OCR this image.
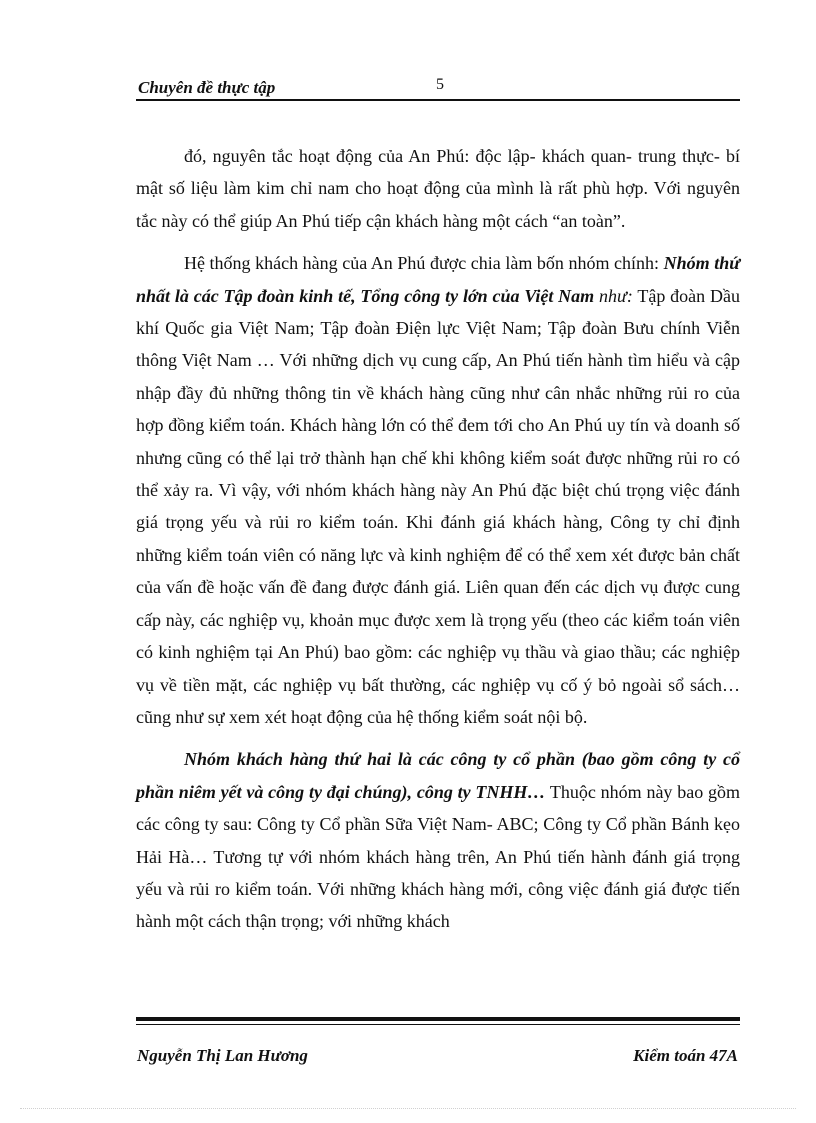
Chuyên đề thực tập	5

đó, nguyên tắc hoạt động của An Phú: độc lập- khách quan- trung thực- bí mật số liệu làm kim chỉ nam cho hoạt động của mình là rất phù hợp. Với nguyên tắc này có thể giúp An Phú tiếp cận khách hàng một cách “an toàn”.

Hệ thống khách hàng của An Phú được chia làm bốn nhóm chính: Nhóm thứ nhất là các Tập đoàn kinh tế, Tổng công ty lớn của Việt Nam như: Tập đoàn Dầu khí Quốc gia Việt Nam; Tập đoàn Điện lực Việt Nam; Tập đoàn Bưu chính Viễn thông Việt Nam … Với những dịch vụ cung cấp, An Phú tiến hành tìm hiểu và cập nhập đầy đủ những thông tin về khách hàng cũng như cân nhắc những rủi ro của hợp đồng kiểm toán. Khách hàng lớn có thể đem tới cho An Phú uy tín và doanh số nhưng cũng có thể lại trở thành hạn chế khi không kiểm soát được những rủi ro có thể xảy ra. Vì vậy, với nhóm khách hàng này An Phú đặc biệt chú trọng việc đánh giá trọng yếu và rủi ro kiểm toán. Khi đánh giá khách hàng, Công ty chỉ định những kiểm toán viên có năng lực và kinh nghiệm để có thể xem xét được bản chất của vấn đề hoặc vấn đề đang được đánh giá. Liên quan đến các dịch vụ được cung cấp này, các nghiệp vụ, khoản mục được xem là trọng yếu (theo các kiểm toán viên có kinh nghiệm tại An Phú) bao gồm: các nghiệp vụ thầu và giao thầu; các nghiệp vụ về tiền mặt, các nghiệp vụ bất thường, các nghiệp vụ cố ý bỏ ngoài sổ sách…cũng như sự xem xét hoạt động của hệ thống kiểm soát nội bộ.

Nhóm khách hàng thứ hai là các công ty cổ phần (bao gồm công ty cổ phần niêm yết và công ty đại chúng), công ty TNHH… Thuộc nhóm này bao gồm các công ty sau: Công ty Cổ phần Sữa Việt Nam- ABC; Công ty Cổ phần Bánh kẹo Hải Hà… Tương tự với nhóm khách hàng trên, An Phú tiến hành đánh giá trọng yếu và rủi ro kiểm toán. Với những khách hàng mới, công việc đánh giá được tiến hành một cách thận trọng; với những khách

Nguyễn Thị Lan Hương	Kiểm toán 47A
